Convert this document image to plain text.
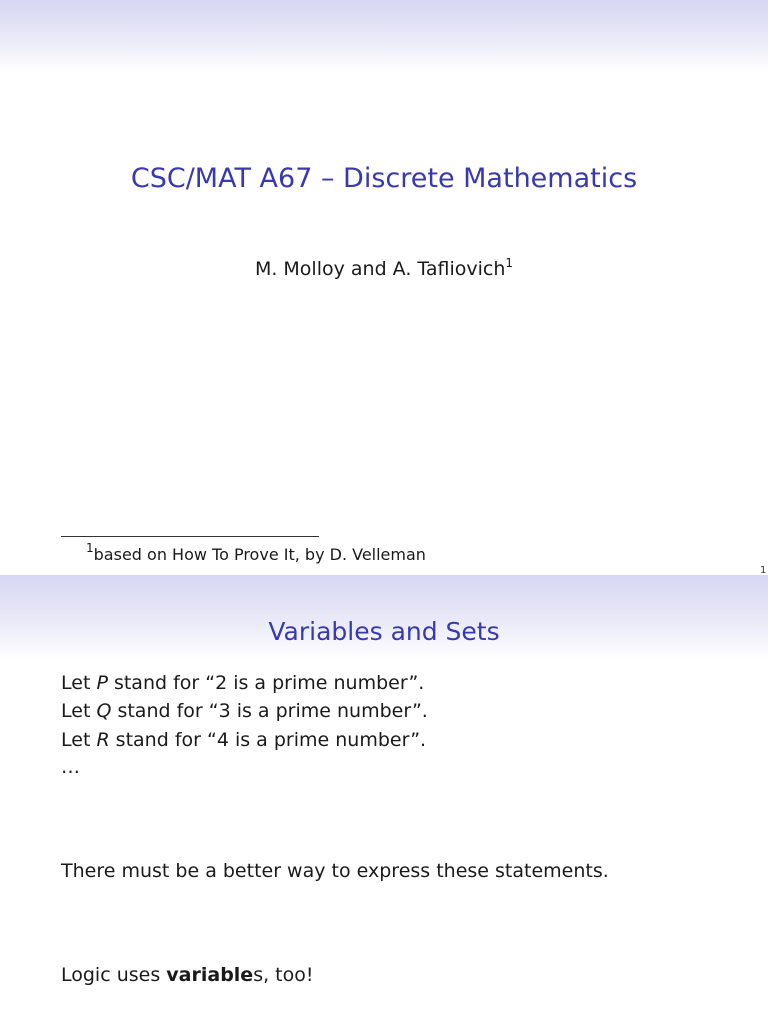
CSC/MAT A67 – Discrete Mathematics
M. Molloy and A. Tafliovich$^1$
$^1$based on How To Prove It, by D. Velleman
1
Variables and Sets
Let P stand for “2 is a prime number”.
Let Q stand for “3 is a prime number”.
Let R stand for “4 is a prime number”.
…
There must be a better way to express these statements.
Logic uses variables, too!
